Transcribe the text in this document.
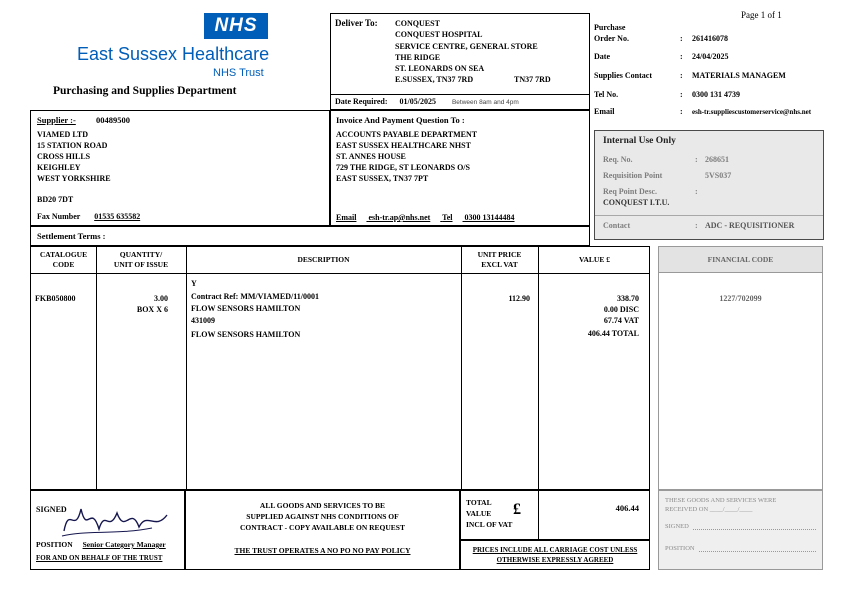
Page 1 of 1
NHS
East Sussex Healthcare
NHS Trust
Purchasing and Supplies Department
Deliver To: CONQUEST
CONQUEST HOSPITAL
SERVICE CENTRE, GENERAL STORE
THE RIDGE
ST. LEONARDS ON SEA
E.SUSSEX, TN37 7RD	TN37 7RD
Date Required: 01/05/2025 Between 8am and 4pm
Purchase
Order No.	:	261416078
Date	:	24/04/2025
Supplies Contact	:	MATERIALS MANAGEM
Tel No.	:	0300 131 4739
Email	:	esh-tr.suppliescustomerservice@nhs.net
Supplier :- 00489500
VIAMED LTD
15 STATION ROAD
CROSS HILLS
KEIGHLEY
WEST YORKSHIRE
BD20 7DT
Fax Number 01535 635582
Invoice And Payment Question To :
ACCOUNTS PAYABLE DEPARTMENT
EAST SUSSEX HEALTHCARE NHST
ST. ANNES HOUSE
729 THE RIDGE, ST LEONARDS O/S
EAST SUSSEX, TN37 7PT
Email esh-tr.ap@nhs.net Tel 0300 13144484
Internal Use Only
Req. No.	: 268651
Requisition Point	5VS037
Req Point Desc.	:
CONQUEST I.T.U.
Contact	: ADC - REQUISITIONER
Settlement Terms :
CATALOGUE
CODE
QUANTITY/
UNIT OF ISSUE	DESCRIPTION
UNIT PRICE
EXCL VAT	VALUE £
FKB050800	3.00
BOX X 6
Y
Contract Ref: MM/VIAMED/11/0001
FLOW SENSORS HAMILTON
431009
FLOW SENSORS HAMILTON
112.90	338.70
0.00 DISC
67.74 VAT
406.44 TOTAL
FINANCIAL CODE
1227/702099
SIGNED
POSITION Senior Category Manager
FOR AND ON BEHALF OF THE TRUST
ALL GOODS AND SERVICES TO BE
SUPPLIED AGAINST NHS CONDITIONS OF
CONTRACT - COPY AVAILABLE ON REQUEST
THE TRUST OPERATES A NO PO NO PAY POLICY
TOTAL
VALUE
INCL OF VAT
£	406.44
PRICES INCLUDE ALL CARRIAGE COST UNLESS
OTHERWISE EXPRESSLY AGREED
THESE GOODS AND SERVICES WERE
RECEIVED ON ____/____/____
SIGNED
POSITION
